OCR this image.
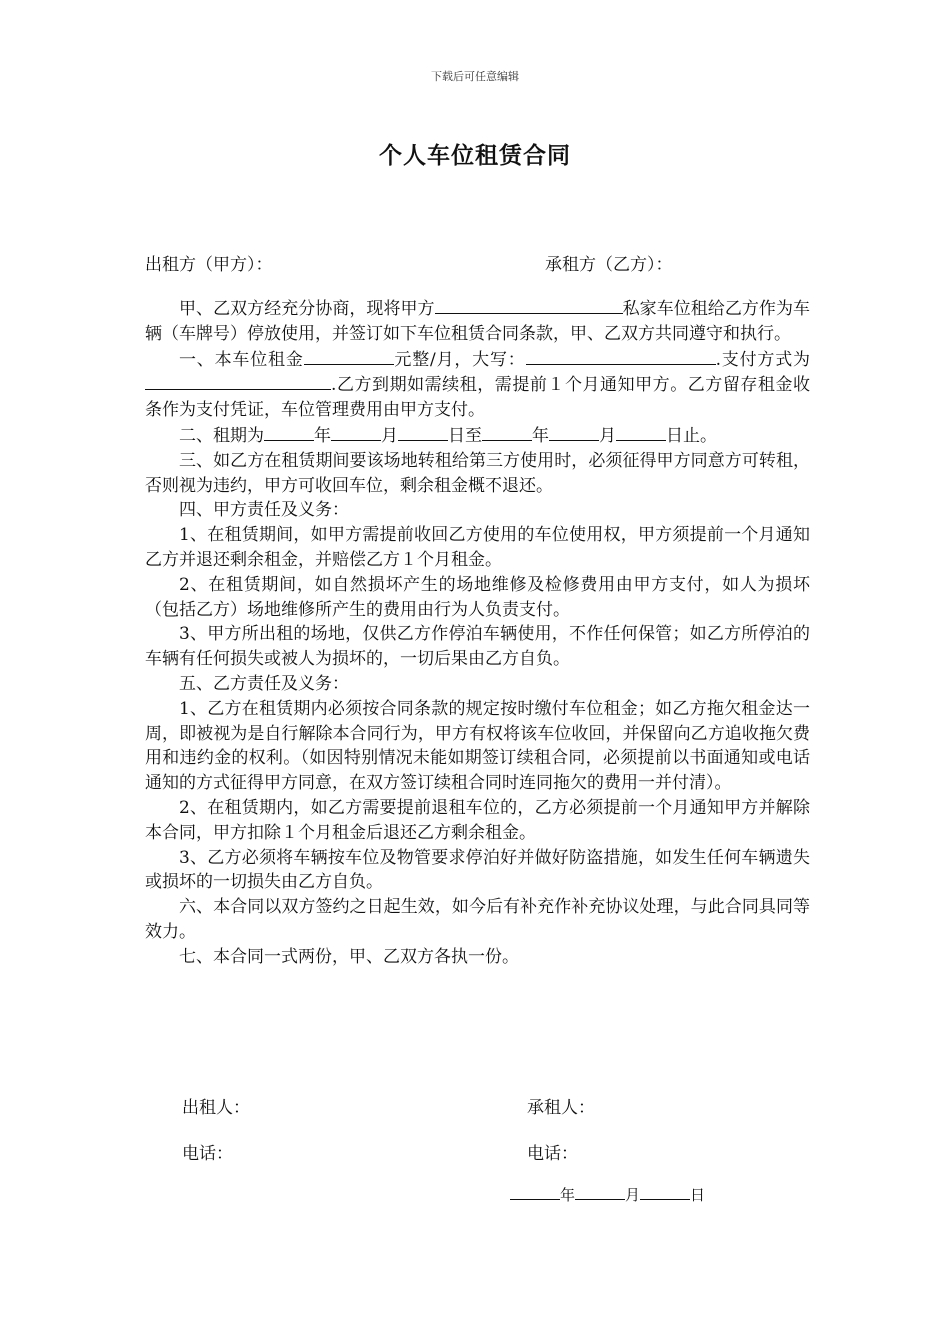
下载后可任意编辑
个人车位租赁合同
出租方（甲方）：	承租方（乙方）：

甲、乙双方经充分协商，现将甲方	私家车位租给乙方作为车辆（车牌号）停放使用，并签订如下车位租赁合同条款，甲、乙双方共同遵守和执行。

一、本车位租金	元整/月，大写：	.支付方式为.乙方到期如需续租，需提前１个月通知甲方。乙方留存租金收条作为支付凭证，车位管理费用由甲方支付。

二、租期为	年	月	日至	年	月	日止。

三、如乙方在租赁期间要该场地转租给第三方使用时，必须征得甲方同意方可转租，否则视为违约，甲方可收回车位，剩余租金概不退还。

四、甲方责任及义务：

1、在租赁期间，如甲方需提前收回乙方使用的车位使用权，甲方须提前一个月通知乙方并退还剩余租金，并赔偿乙方１个月租金。

2、在租赁期间，如自然损坏产生的场地维修及检修费用由甲方支付，如人为损坏（包括乙方）场地维修所产生的费用由行为人负责支付。

3、甲方所出租的场地，仅供乙方作停泊车辆使用，不作任何保管；如乙方所停泊的车辆有任何损失或被人为损坏的，一切后果由乙方自负。

五、乙方责任及义务：

1、乙方在租赁期内必须按合同条款的规定按时缴付车位租金；如乙方拖欠租金达一周，即被视为是自行解除本合同行为，甲方有权将该车位收回，并保留向乙方追收拖欠费用和违约金的权利。（如因特别情况未能如期签订续租合同，必须提前以书面通知或电话通知的方式征得甲方同意，在双方签订续租合同时连同拖欠的费用一并付清）。

2、在租赁期内，如乙方需要提前退租车位的，乙方必须提前一个月通知甲方并解除本合同，甲方扣除１个月租金后退还乙方剩余租金。

3、乙方必须将车辆按车位及物管要求停泊好并做好防盗措施，如发生任何车辆遗失或损坏的一切损失由乙方自负。

六、本合同以双方签约之日起生效，如今后有补充作补充协议处理，与此合同具同等效力。

七、本合同一式两份，甲、乙双方各执一份。

出租人：	承租人：
电话：	电话：
年	月	日
